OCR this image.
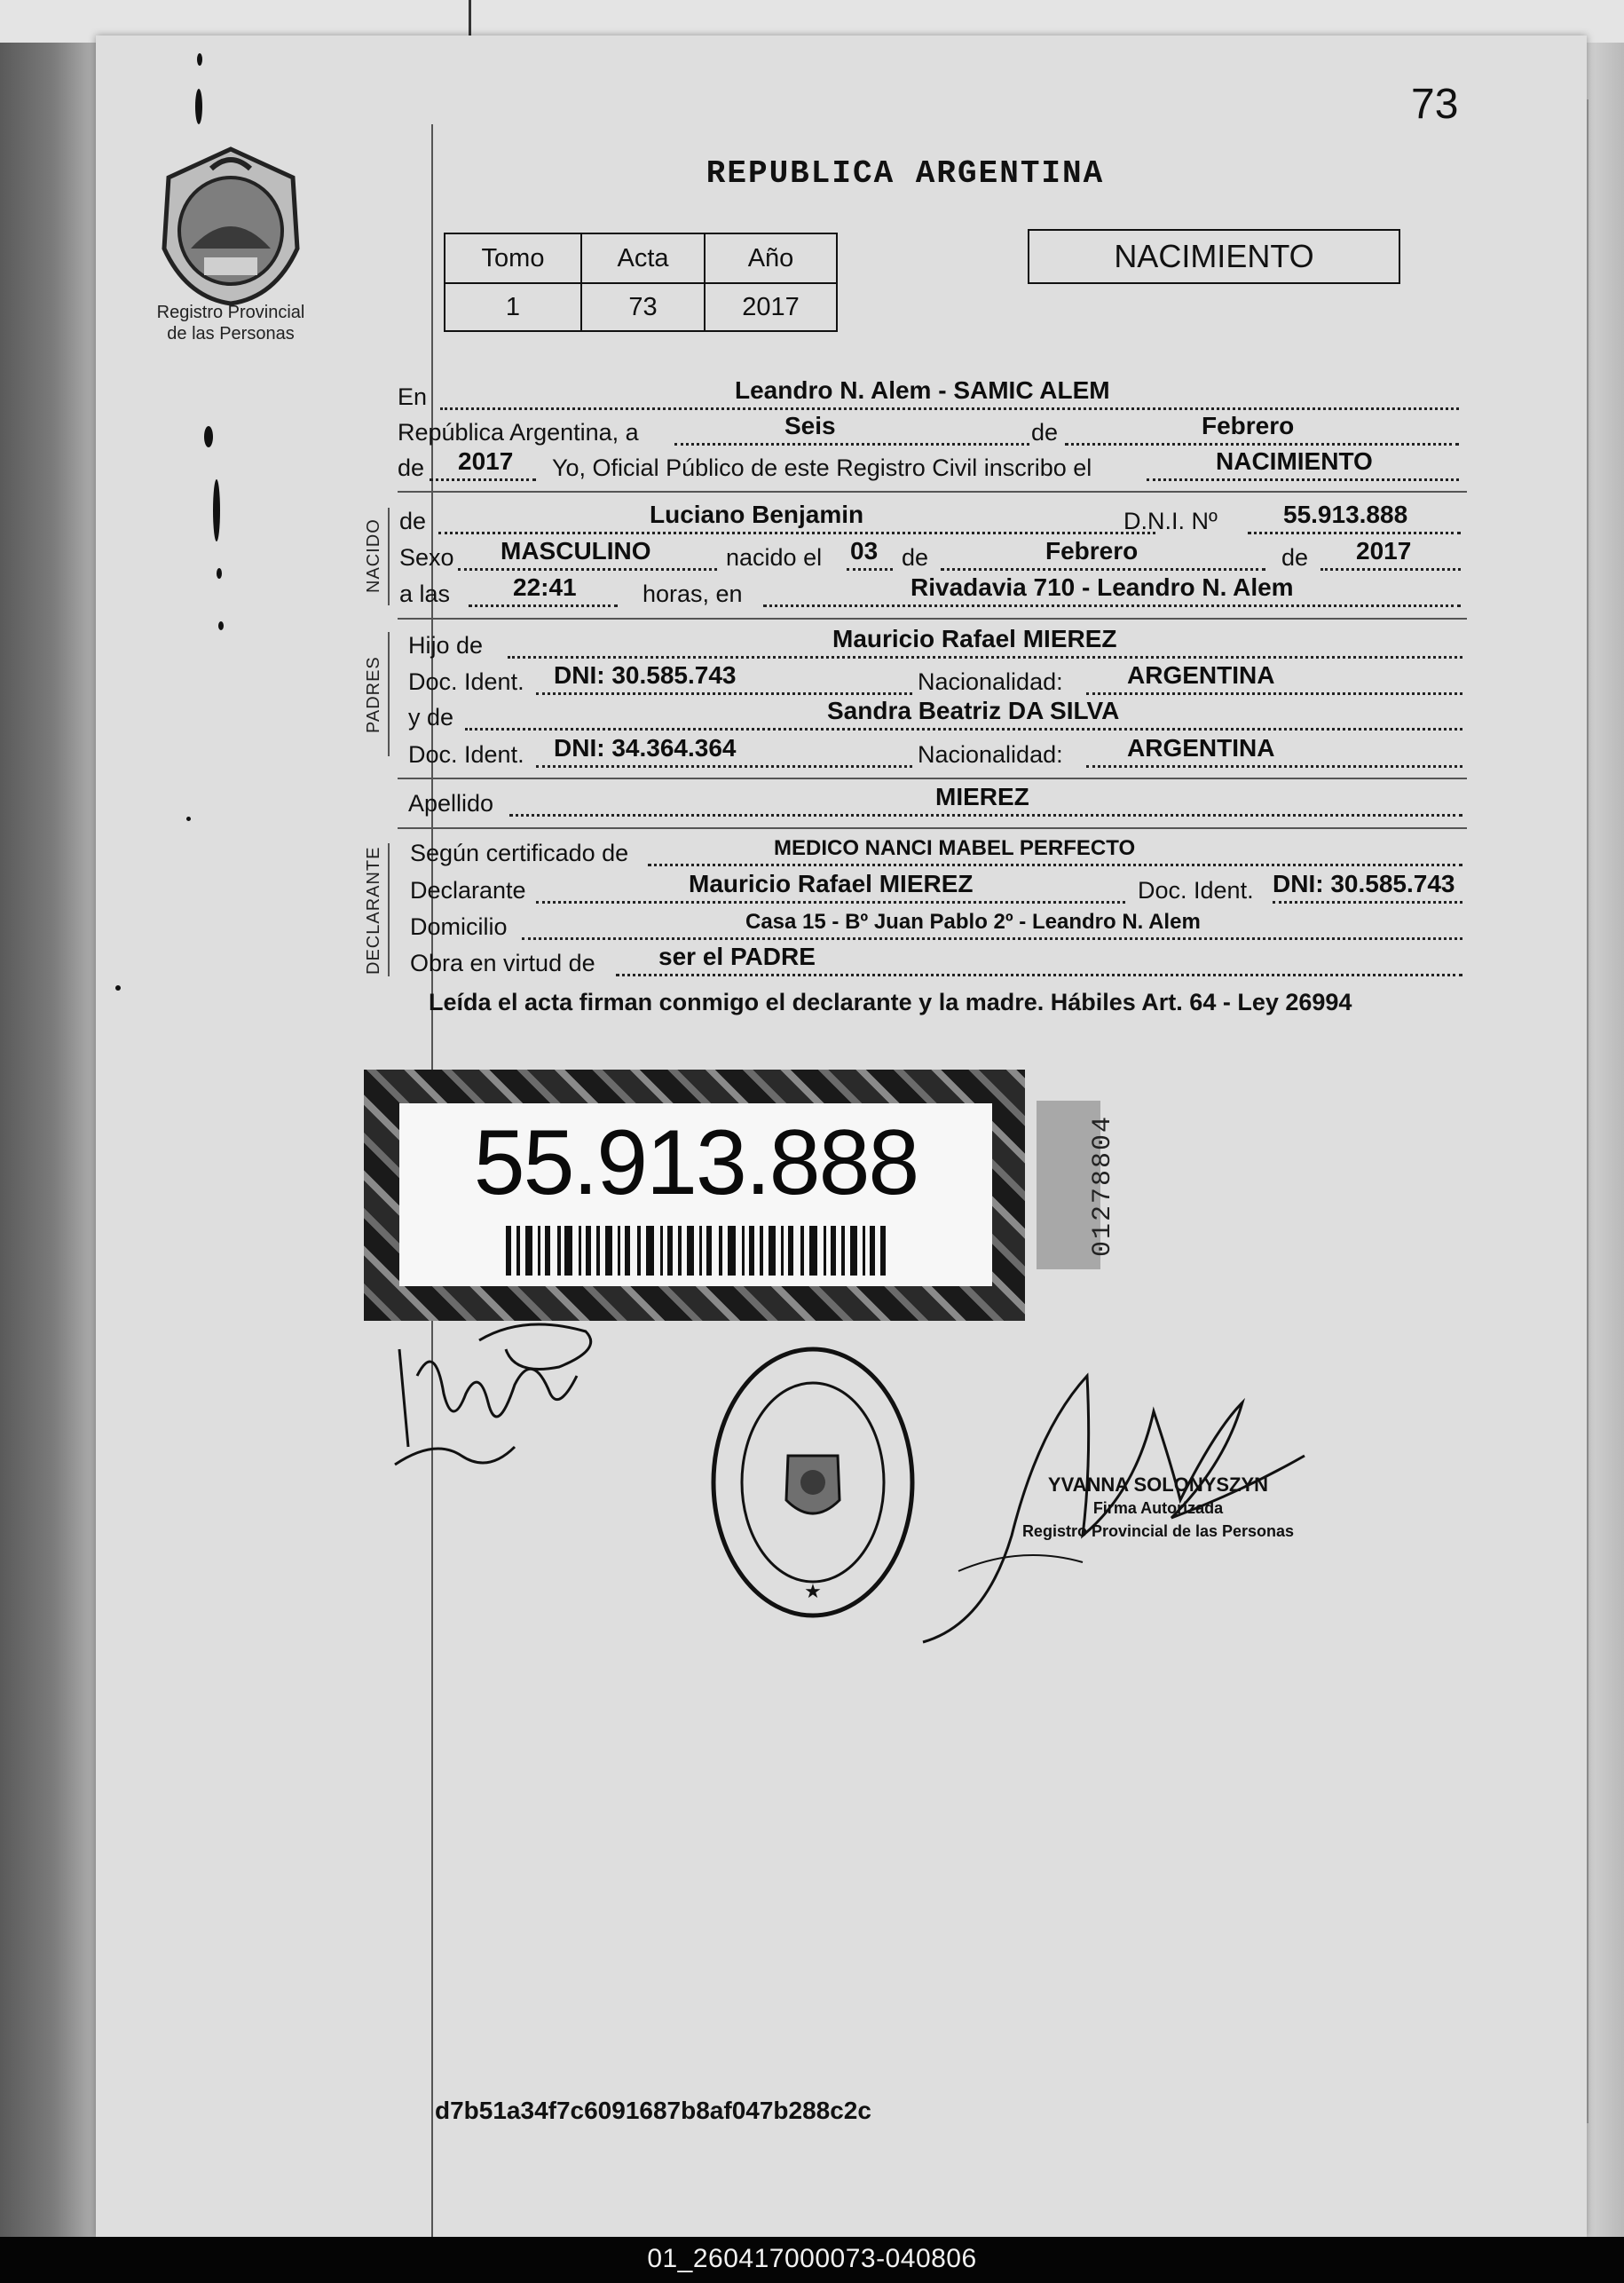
73
Registro Provincial
de las Personas
REPUBLICA ARGENTINA
Tomo	Acta	Año
1	73	2017
NACIMIENTO
En	Leandro N. Alem - SAMIC ALEM
República Argentina, a	Seis	de	Febrero
de 2017 Yo, Oficial Público de este Registro Civil inscribo el	NACIMIENTO
NACIDO de	Luciano Benjamin	D.N.I. Nº	55.913.888
Sexo MASCULINO	nacido el 03 de	Febrero	de 2017
a las	22:41	horas, en	Rivadavia 710 - Leandro N. Alem
PADRES
Hijo de	Mauricio Rafael MIEREZ
Doc. Ident. DNI: 30.585.743	Nacionalidad:	ARGENTINA
y de	Sandra Beatriz DA SILVA
Doc. Ident. DNI: 34.364.364	Nacionalidad:	ARGENTINA
Apellido	MIEREZ
DECLARANTE Según certificado de	MEDICO NANCI MABEL PERFECTO
Declarante	Mauricio Rafael MIEREZ	Doc. Ident. DNI: 30.585.743
Domicilio	Casa 15 - Bº Juan Pablo 2º - Leandro N. Alem
Obra en virtud de	ser el PADRE
Leída el acta firman conmigo el declarante y la madre. Hábiles Art. 64 - Ley 26994
55.913.888	01278804
★
YVANNA SOLONYSZYN
Firma Autorizada
Registro Provincial de las Personas
d7b51a34f7c6091687b8af047b288c2c
01_260417000073-040806
